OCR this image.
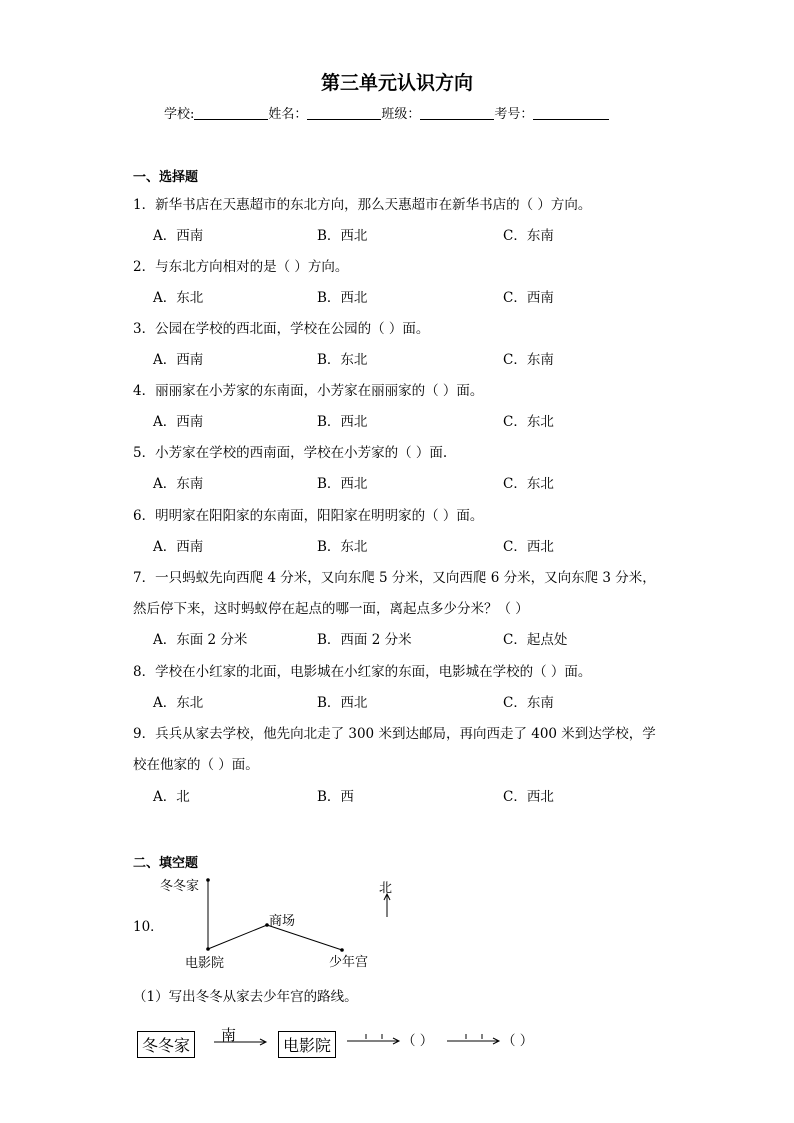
第三单元认识方向
学校:	姓名：	班级：	考号：
一、选择题
1．新华书店在天惠超市的东北方向，那么天惠超市在新华书店的（ ）方向。
A．西南	B．西北	C．东南
2．与东北方向相对的是（ ）方向。
A．东北	B．西北	C．西南
3．公园在学校的西北面，学校在公园的（ ）面。
A．西南	B．东北	C．东南
4．丽丽家在小芳家的东南面，小芳家在丽丽家的（ ）面。
A．西南	B．西北	C．东北
5．小芳家在学校的西南面，学校在小芳家的（ ）面.
A．东南	B．西北	C．东北
6．明明家在阳阳家的东南面，阳阳家在明明家的（ ）面。
A．西南	B．东北	C．西北
7．一只蚂蚁先向西爬 4 分米，又向东爬 5 分米，又向西爬 6 分米，又向东爬 3 分米，
然后停下来，这时蚂蚁停在起点的哪一面，离起点多少分米？（ ）
A．东面 2 分米	B．西面 2 分米	C．起点处
8．学校在小红家的北面，电影城在小红家的东面，电影城在学校的（ ）面。
A．东北	B．西北	C．东南
9．兵兵从家去学校，他先向北走了 300 米到达邮局，再向西走了 400 米到达学校，学
校在他家的（ ）面。
A．北	B．西	C．西北
二、填空题
10．
冬冬家
商场
电影院	少年宫
北
（1）写出冬冬从家去少年宫的路线。
冬冬家
南
电影院	（ ）	（ ）
